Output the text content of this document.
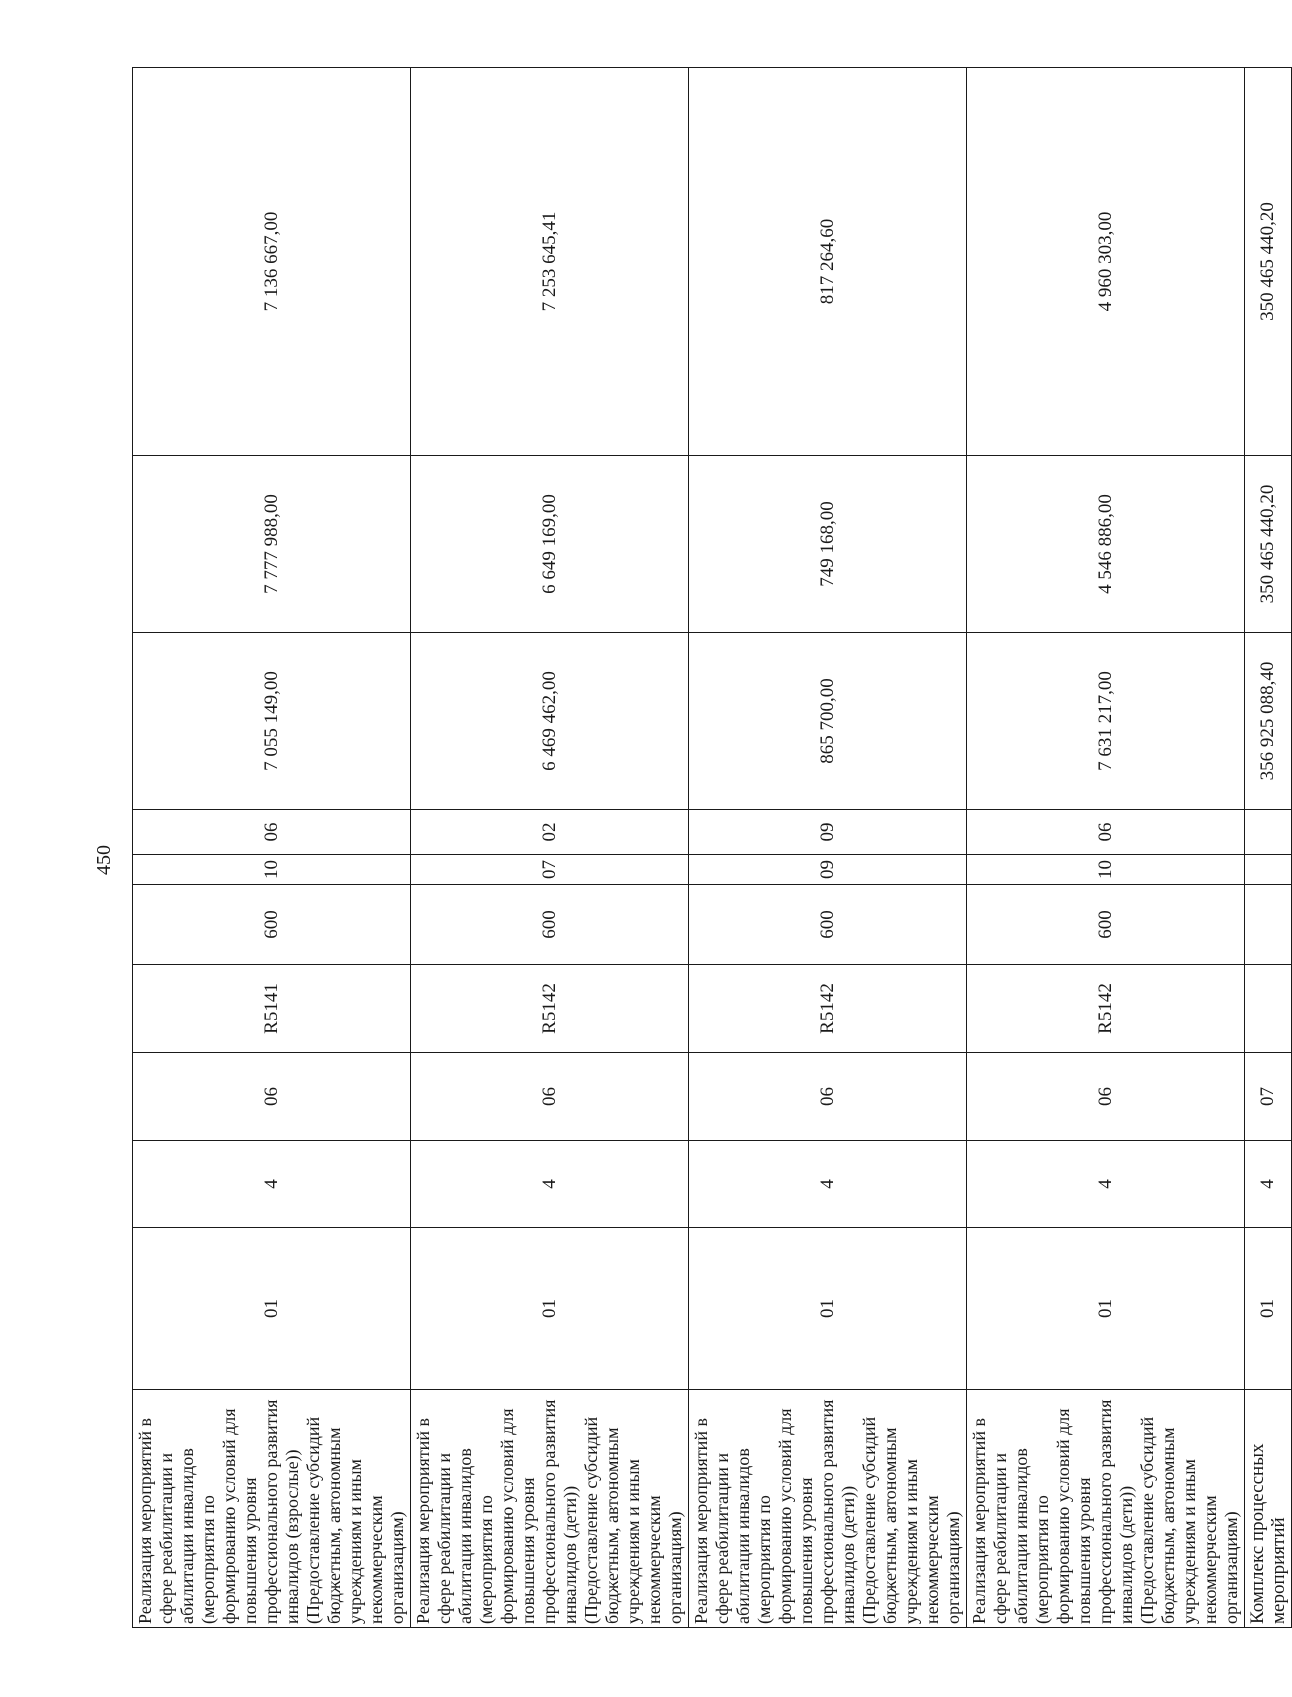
450
Реализация мероприятий в сфере реабилитации и абилитации инвалидов (мероприятия по формированию условий для повышения уровня профессионального развития инвалидов (взрослые)) (Предоставление субсидий бюджетным, автономным учреждениям и иным некоммерческим организациям)	01	4	06	R5141	600	10	06	7 055 149,00	7 777 988,00	7 136 667,00
Реализация мероприятий в сфере реабилитации и абилитации инвалидов (мероприятия по формированию условий для повышения уровня профессионального развития инвалидов (дети)) (Предоставление субсидий бюджетным, автономным учреждениям и иным некоммерческим организациям)	01	4	06	R5142	600	07	02	6 469 462,00	6 649 169,00	7 253 645,41
Реализация мероприятий в сфере реабилитации и абилитации инвалидов (мероприятия по формированию условий для повышения уровня профессионального развития инвалидов (дети)) (Предоставление субсидий бюджетным, автономным учреждениям и иным некоммерческим организациям)	01	4	06	R5142	600	09	09	865 700,00	749 168,00	817 264,60
Реализация мероприятий в сфере реабилитации и абилитации инвалидов (мероприятия по формированию условий для повышения уровня профессионального развития инвалидов (дети)) (Предоставление субсидий бюджетным, автономным учреждениям и иным некоммерческим организациям)	01	4	06	R5142	600	10	06	7 631 217,00	4 546 886,00	4 960 303,00
Комплекс процессных мероприятий	01	4	07					356 925 088,40	350 465 440,20	350 465 440,20
